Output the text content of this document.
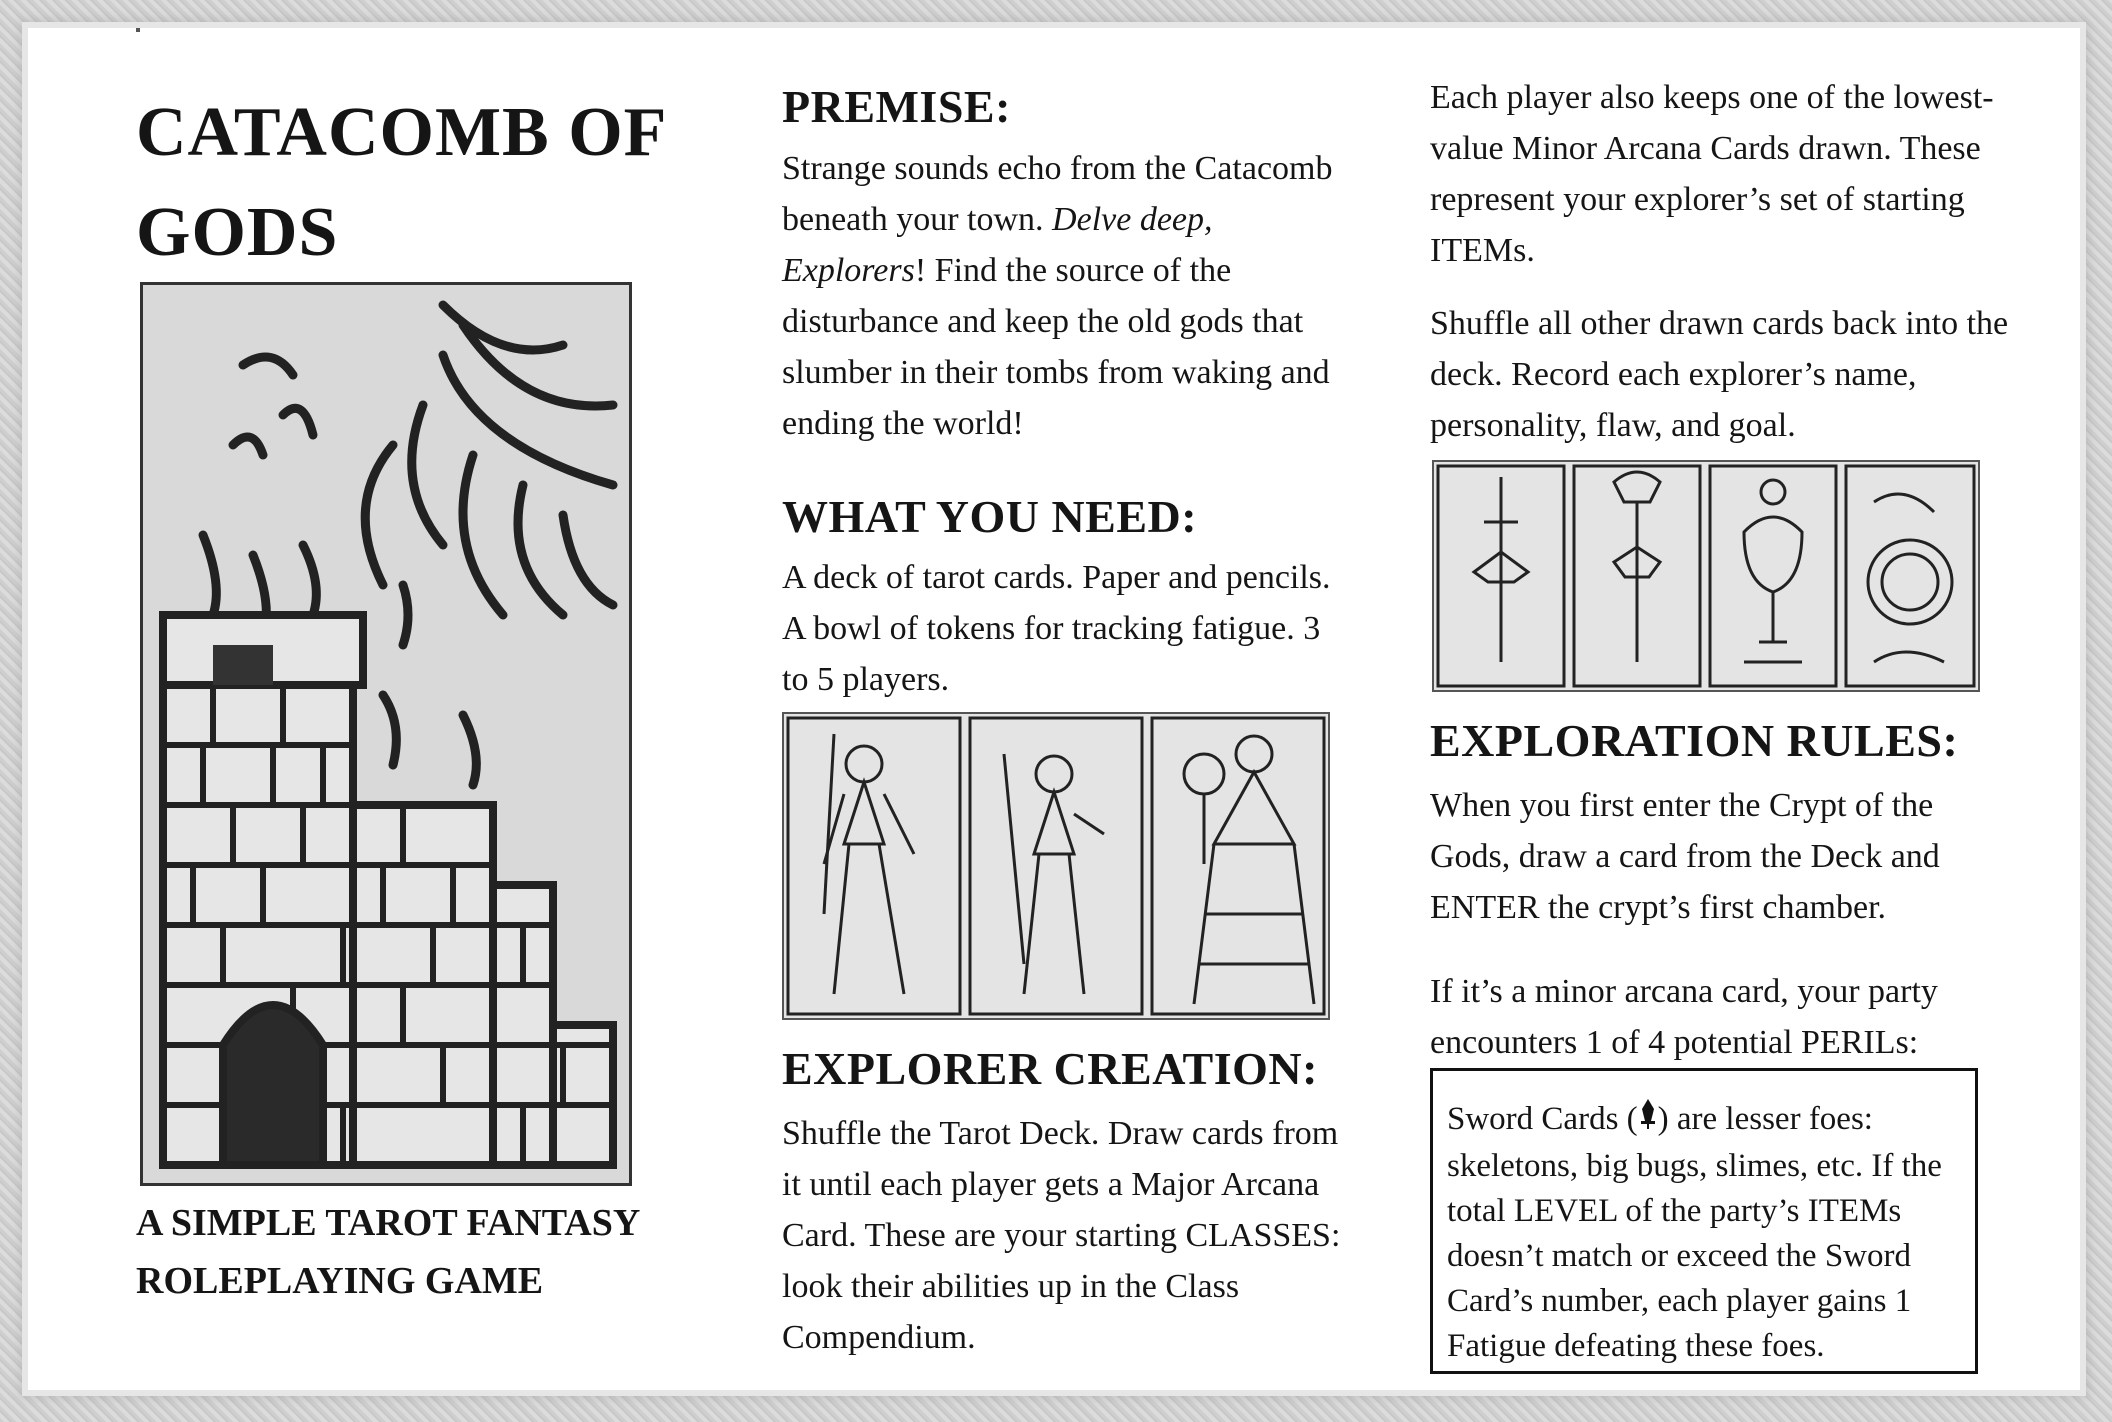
CATACOMB OF GODS
A SIMPLE TAROT FANTASY ROLEPLAYING GAME
PREMISE:

Strange sounds echo from the Catacomb beneath your town. Delve deep, Explorers! Find the source of the disturbance and keep the old gods that slumber in their tombs from waking and ending the world!

WHAT YOU NEED:

A deck of tarot cards. Paper and pencils. A bowl of tokens for tracking fatigue. 3 to 5 players.

EXPLORER CREATION:

Shuffle the Tarot Deck. Draw cards from it until each player gets a Major Arcana Card. These are your starting CLASSES: look their abilities up in the Class Compendium.

Each player also keeps one of the lowest-value Minor Arcana Cards drawn. These represent your explorer’s set of starting ITEMs.

Shuffle all other drawn cards back into the deck. Record each explorer’s name, personality, flaw, and goal.

EXPLORATION RULES:

When you first enter the Crypt of the Gods, draw a card from the Deck and ENTER the crypt’s first chamber.

If it’s a minor arcana card, your party encounters 1 of 4 potential PERILs:

Sword Cards ( ) are lesser foes: skeletons, big bugs, slimes, etc. If the total LEVEL of the party’s ITEMs doesn’t match or exceed the Sword Card’s number, each player gains 1 Fatigue defeating these foes.
